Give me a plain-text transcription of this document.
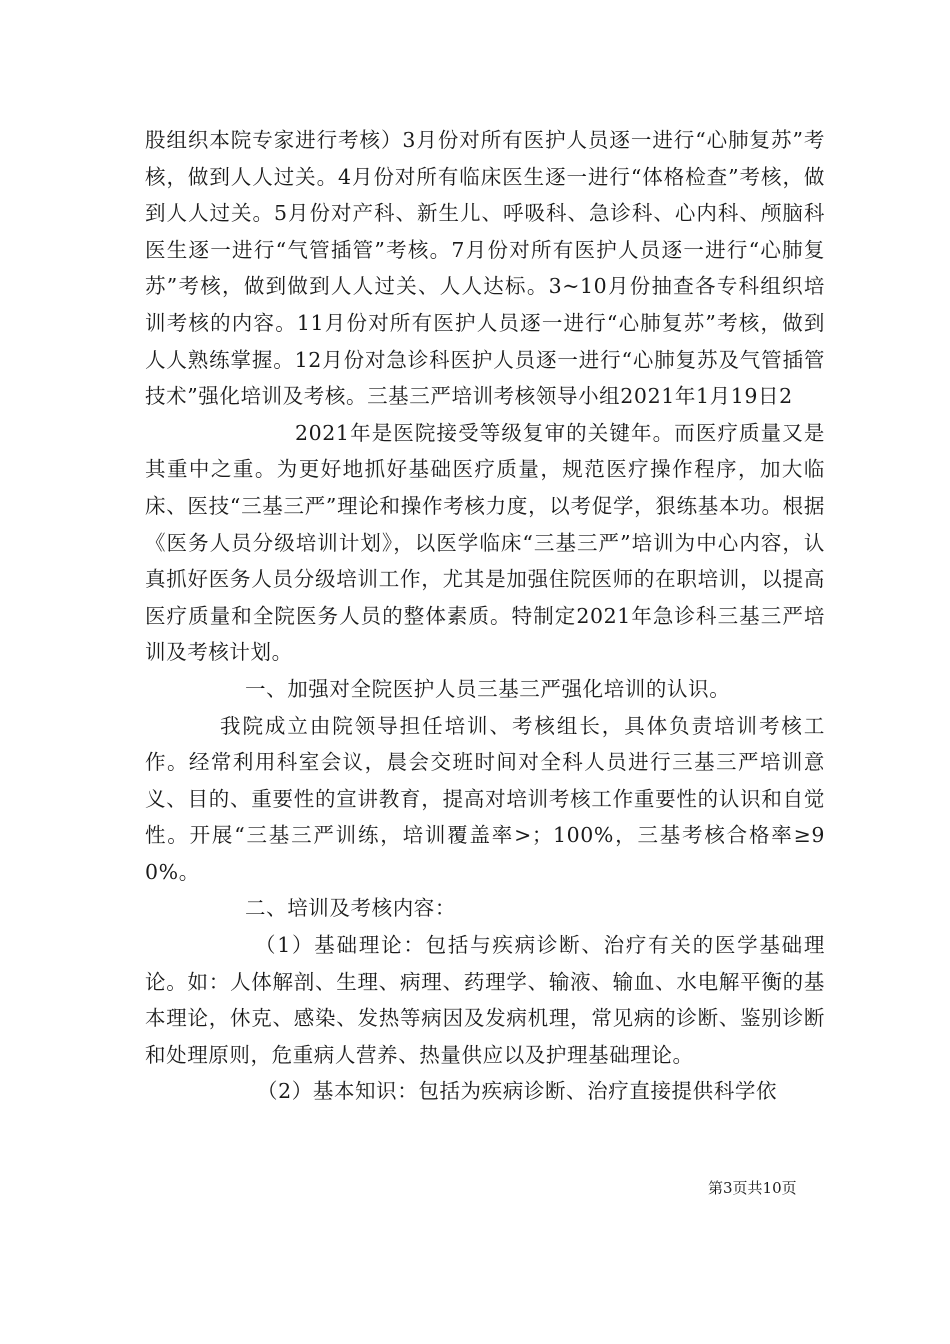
股组织本院专家进行考核）3月份对所有医护人员逐一进行“心肺复苏”考核，做到人人过关。4月份对所有临床医生逐一进行“体格检查”考核，做到人人过关。5月份对产科、新生儿、呼吸科、急诊科、心内科、颅脑科医生逐一进行“气管插管”考核。7月份对所有医护人员逐一进行“心肺复苏”考核，做到做到人人过关、人人达标。3~10月份抽查各专科组织培训考核的内容。11月份对所有医护人员逐一进行“心肺复苏”考核，做到人人熟练掌握。12月份对急诊科医护人员逐一进行“心肺复苏及气管插管技术”强化培训及考核。三基三严培训考核领导小组2021年1月19日2

2021年是医院接受等级复审的关键年。而医疗质量又是其重中之重。为更好地抓好基础医疗质量，规范医疗操作程序，加大临床、医技“三基三严”理论和操作考核力度，以考促学，狠练基本功。根据《医务人员分级培训计划》，以医学临床“三基三严”培训为中心内容，认真抓好医务人员分级培训工作，尤其是加强住院医师的在职培训，以提高医疗质量和全院医务人员的整体素质。特制定2021年急诊科三基三严培训及考核计划。

一、加强对全院医护人员三基三严强化培训的认识。

我院成立由院领导担任培训、考核组长，具体负责培训考核工作。经常利用科室会议，晨会交班时间对全科人员进行三基三严培训意义、目的、重要性的宣讲教育，提高对培训考核工作重要性的认识和自觉性。开展“三基三严训练，培训覆盖率>；100%，三基考核合格率≥90%。

二、培训及考核内容：

（1）基础理论：包括与疾病诊断、治疗有关的医学基础理论。如：人体解剖、生理、病理、药理学、输液、输血、水电解平衡的基本理论，休克、感染、发热等病因及发病机理，常见病的诊断、鉴别诊断和处理原则，危重病人营养、热量供应以及护理基础理论。

（2）基本知识：包括为疾病诊断、治疗直接提供科学依

第3页共10页
